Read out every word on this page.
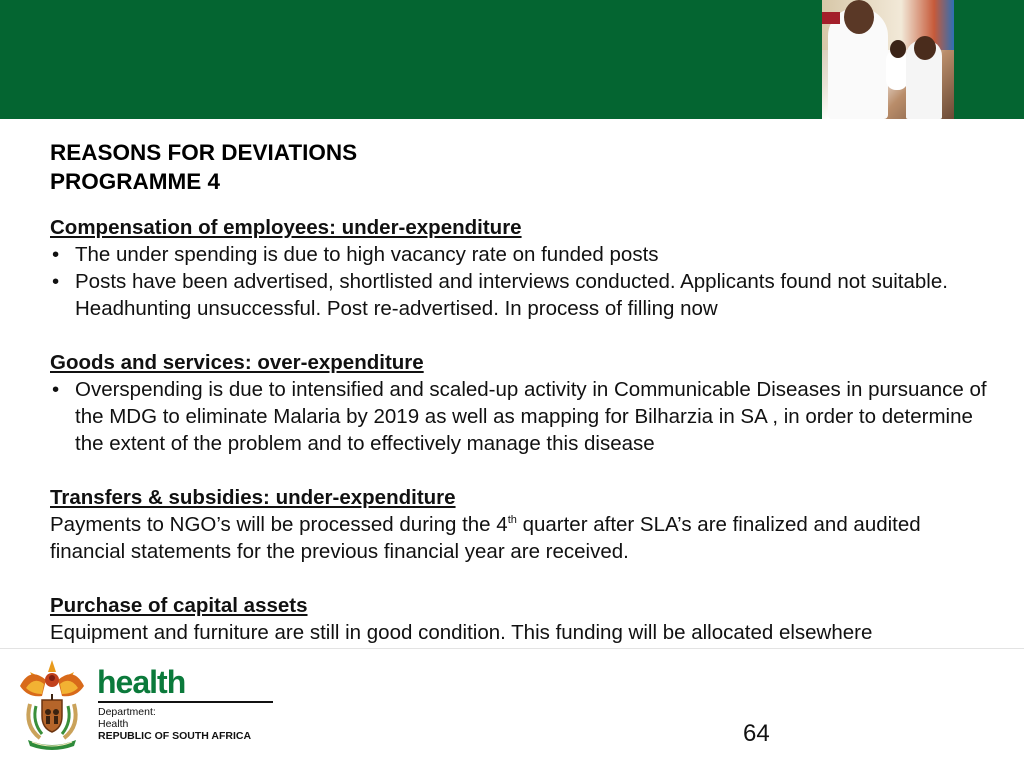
REASONS FOR DEVIATIONS
PROGRAMME 4
Compensation of employees: under-expenditure
• The under spending is due to high vacancy rate on funded posts
• Posts have been advertised, shortlisted and interviews conducted. Applicants found not suitable. Headhunting unsuccessful. Post re-advertised. In process of filling now
Goods and services: over-expenditure
• Overspending is due to intensified and scaled-up activity in Communicable Diseases in pursuance of the MDG to eliminate Malaria by 2019 as well as mapping for Bilharzia in SA , in order to determine the extent of the problem and to effectively manage this disease
Transfers & subsidies: under-expenditure
Payments to NGO’s will be processed during the 4th quarter after SLA’s are finalized and audited financial statements for the previous financial year are received.
Purchase of capital assets
Equipment and furniture are still in good condition. This funding will be allocated elsewhere
health
Department:
Health
REPUBLIC OF SOUTH AFRICA	64
